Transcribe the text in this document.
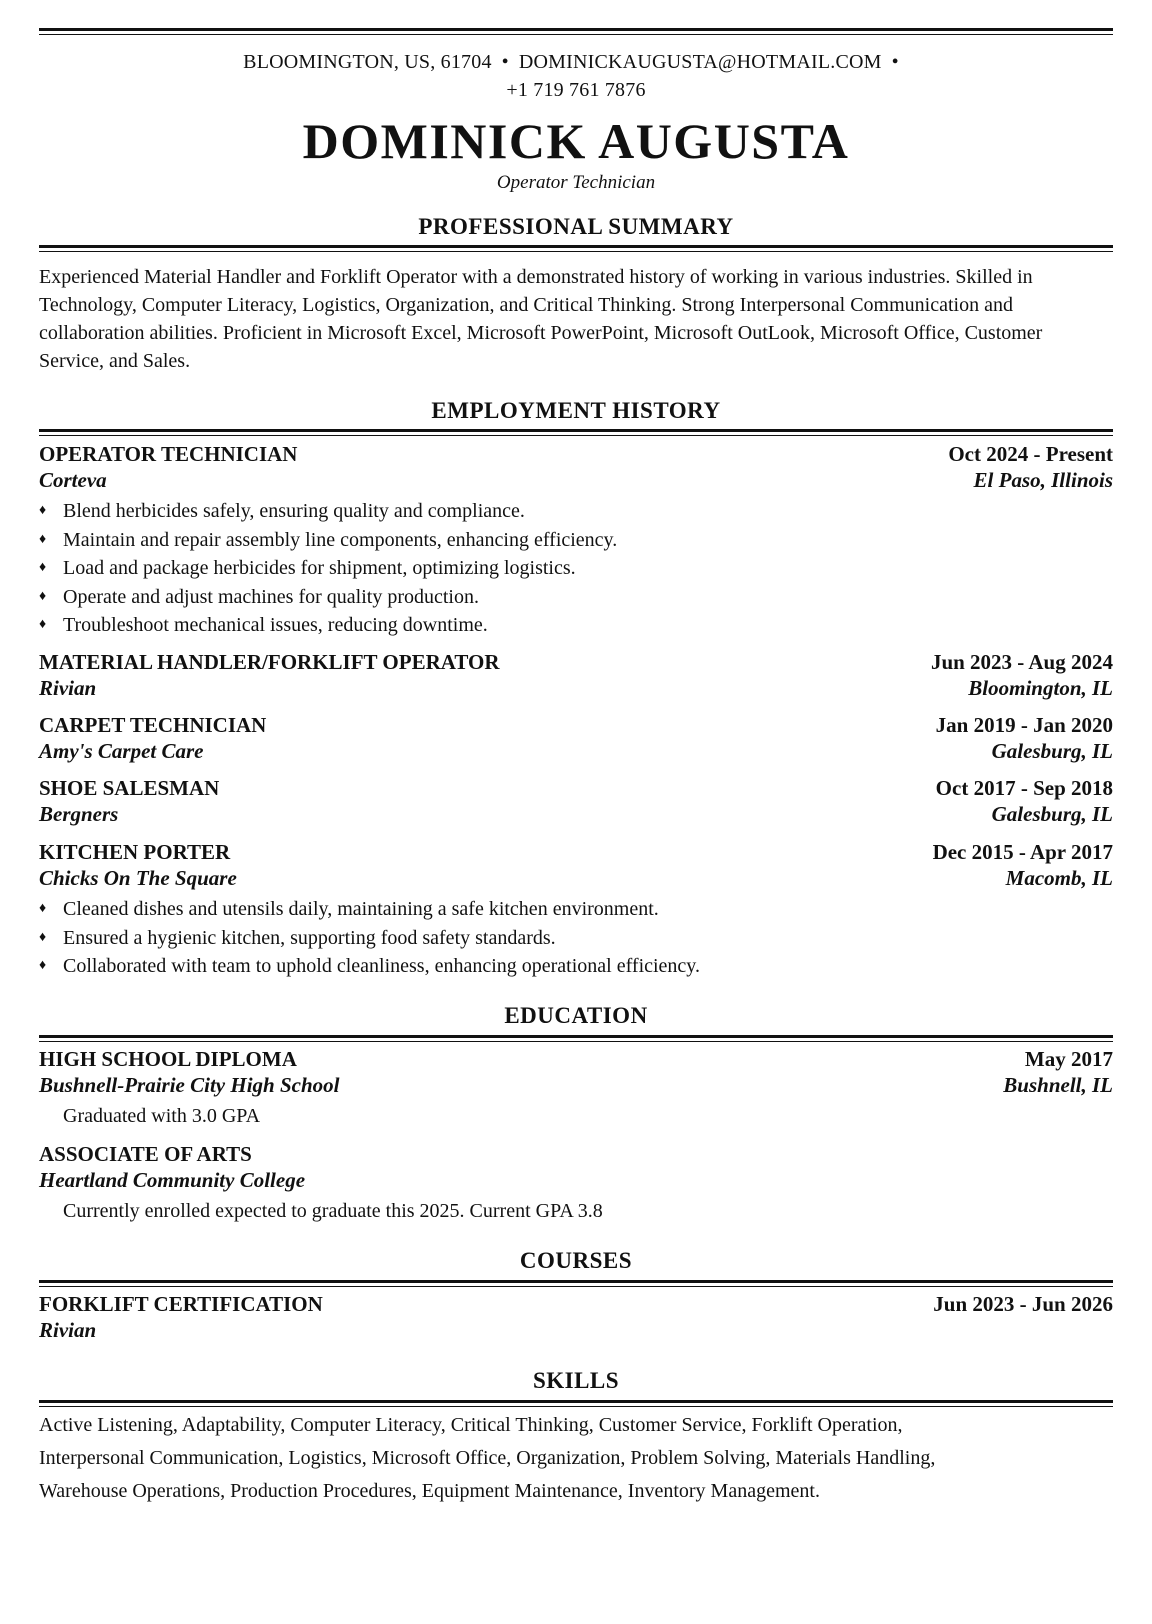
BLOOMINGTON, US, 61704 • DOMINICKAUGUSTA@HOTMAIL.COM •
+1 719 761 7876
DOMINICK AUGUSTA
Operator Technician
PROFESSIONAL SUMMARY
Experienced Material Handler and Forklift Operator with a demonstrated history of working in various industries. Skilled in
Technology, Computer Literacy, Logistics, Organization, and Critical Thinking. Strong Interpersonal Communication and
collaboration abilities. Proficient in Microsoft Excel, Microsoft PowerPoint, Microsoft OutLook, Microsoft Office, Customer
Service, and Sales.
EMPLOYMENT HISTORY
OPERATOR TECHNICIAN	Oct 2024 - Present
Corteva	El Paso, Illinois
♦ Blend herbicides safely, ensuring quality and compliance.
♦ Maintain and repair assembly line components, enhancing efficiency.
♦ Load and package herbicides for shipment, optimizing logistics.
♦ Operate and adjust machines for quality production.
♦ Troubleshoot mechanical issues, reducing downtime.
MATERIAL HANDLER/FORKLIFT OPERATOR	Jun 2023 - Aug 2024
Rivian	Bloomington, IL
CARPET TECHNICIAN	Jan 2019 - Jan 2020
Amy's Carpet Care	Galesburg, IL
SHOE SALESMAN	Oct 2017 - Sep 2018
Bergners	Galesburg, IL
KITCHEN PORTER	Dec 2015 - Apr 2017
Chicks On The Square	Macomb, IL
♦ Cleaned dishes and utensils daily, maintaining a safe kitchen environment.
♦ Ensured a hygienic kitchen, supporting food safety standards.
♦ Collaborated with team to uphold cleanliness, enhancing operational efficiency.
EDUCATION
HIGH SCHOOL DIPLOMA	May 2017
Bushnell-Prairie City High School	Bushnell, IL
Graduated with 3.0 GPA
ASSOCIATE OF ARTS
Heartland Community College
Currently enrolled expected to graduate this 2025. Current GPA 3.8
COURSES
FORKLIFT CERTIFICATION	Jun 2023 - Jun 2026
Rivian
SKILLS
Active Listening, Adaptability, Computer Literacy, Critical Thinking, Customer Service, Forklift Operation,
Interpersonal Communication, Logistics, Microsoft Office, Organization, Problem Solving, Materials Handling,
Warehouse Operations, Production Procedures, Equipment Maintenance, Inventory Management.
